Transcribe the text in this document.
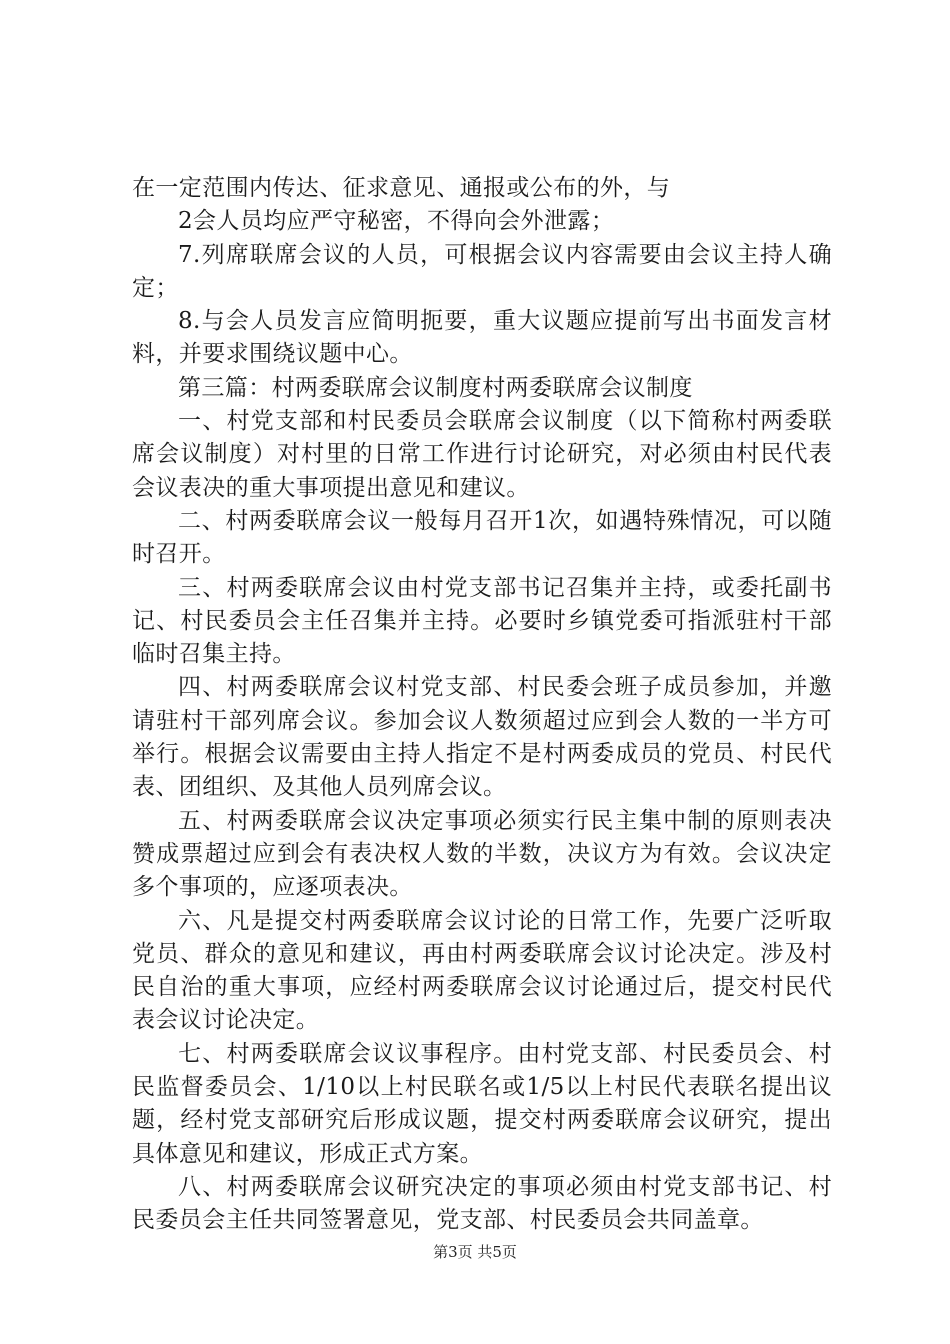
在一定范围内传达、征求意见、通报或公布的外，与

2会人员均应严守秘密，不得向会外泄露；

7.列席联席会议的人员，可根据会议内容需要由会议主持人确定；

8.与会人员发言应简明扼要，重大议题应提前写出书面发言材料，并要求围绕议题中心。

第三篇：村两委联席会议制度村两委联席会议制度

一、村党支部和村民委员会联席会议制度（以下简称村两委联席会议制度）对村里的日常工作进行讨论研究，对必须由村民代表会议表决的重大事项提出意见和建议。

二、村两委联席会议一般每月召开1次，如遇特殊情况，可以随时召开。

三、村两委联席会议由村党支部书记召集并主持，或委托副书记、村民委员会主任召集并主持。必要时乡镇党委可指派驻村干部临时召集主持。

四、村两委联席会议村党支部、村民委会班子成员参加，并邀请驻村干部列席会议。参加会议人数须超过应到会人数的一半方可举行。根据会议需要由主持人指定不是村两委成员的党员、村民代表、团组织、及其他人员列席会议。

五、村两委联席会议决定事项必须实行民主集中制的原则表决赞成票超过应到会有表决权人数的半数，决议方为有效。会议决定多个事项的，应逐项表决。

六、凡是提交村两委联席会议讨论的日常工作，先要广泛听取党员、群众的意见和建议，再由村两委联席会议讨论决定。涉及村民自治的重大事项，应经村两委联席会议讨论通过后，提交村民代表会议讨论决定。

七、村两委联席会议议事程序。由村党支部、村民委员会、村民监督委员会、1/10以上村民联名或1/5以上村民代表联名提出议题，经村党支部研究后形成议题，提交村两委联席会议研究，提出具体意见和建议，形成正式方案。

八、村两委联席会议研究决定的事项必须由村党支部书记、村民委员会主任共同签署意见，党支部、村民委员会共同盖章。

第3页 共5页
